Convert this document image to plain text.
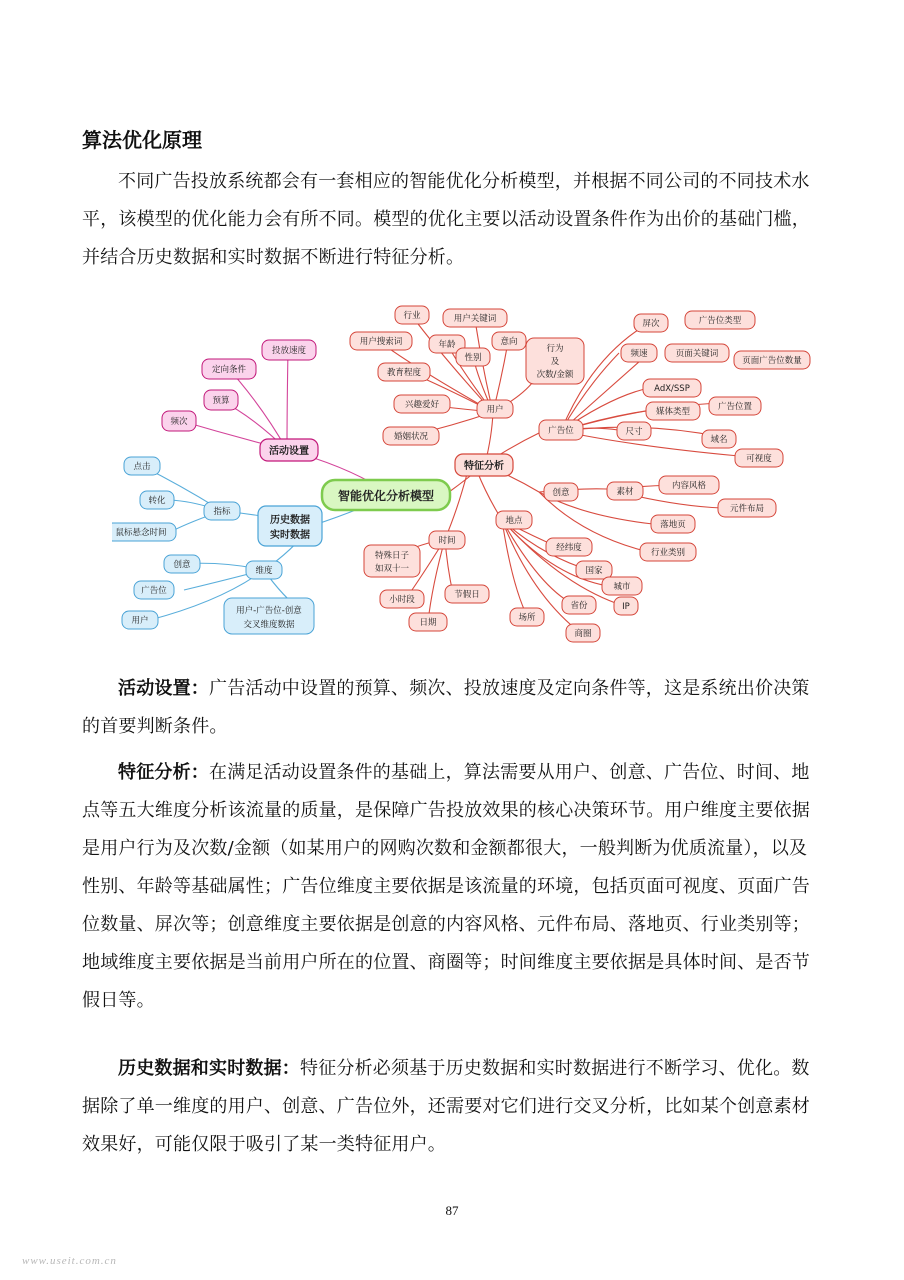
算法优化原理

不同广告投放系统都会有一套相应的智能优化分析模型，并根据不同公司的不同技术水平，该模型的优化能力会有所不同。模型的优化主要以活动设置条件作为出价的基础门槛，并结合历史数据和实时数据不断进行特征分析。

智能优化分析模型
活动设置
投放速度
定向条件
预算
频次
历史数据
实时数据
指标
点击
转化
鼠标悬念时间
维度
创意
广告位
用户
用户-广告位-创意
交叉维度数据
特征分析
用户
行业	用户关键词
用户搜索词	年龄
性别
意向
教育程度
兴趣爱好
婚姻状况
行为
及
次数/金额
广告位
屏次	广告位类型
频速	页面关键词
页面广告位数量
AdX/SSP
媒体类型	广告位置
尺寸
域名
可视度
创意	素材
内容风格
元件布局
落地页
行业类别
地点
经纬度
国家
城市
IP
省份
商圈
场所
时间
特殊日子
如双十一
节假日
小时段
日期

活动设置：广告活动中设置的预算、频次、投放速度及定向条件等，这是系统出价决策的首要判断条件。

特征分析：在满足活动设置条件的基础上，算法需要从用户、创意、广告位、时间、地点等五大维度分析该流量的质量，是保障广告投放效果的核心决策环节。用户维度主要依据是用户行为及次数/金额（如某用户的网购次数和金额都很大，一般判断为优质流量），以及性别、年龄等基础属性；广告位维度主要依据是该流量的环境，包括页面可视度、页面广告位数量、屏次等；创意维度主要依据是创意的内容风格、元件布局、落地页、行业类别等；地域维度主要依据是当前用户所在的位置、商圈等；时间维度主要依据是具体时间、是否节假日等。

历史数据和实时数据：特征分析必须基于历史数据和实时数据进行不断学习、优化。数据除了单一维度的用户、创意、广告位外，还需要对它们进行交叉分析，比如某个创意素材效果好，可能仅限于吸引了某一类特征用户。

87
www.useit.com.cn
